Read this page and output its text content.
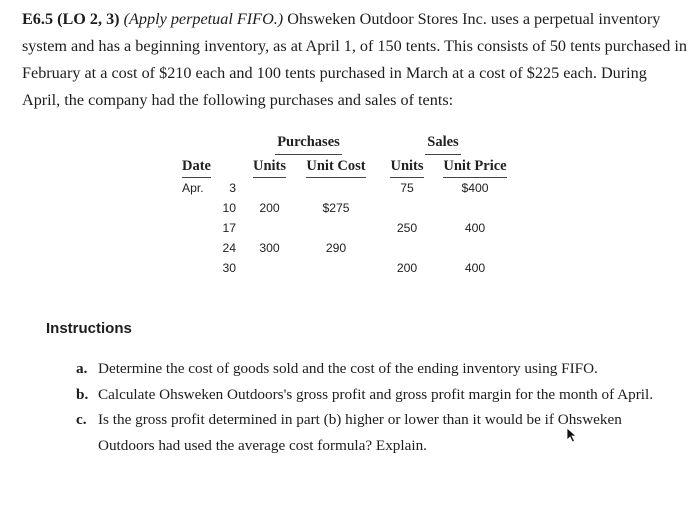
E6.5 (LO 2, 3) (Apply perpetual FIFO.) Ohsweken Outdoor Stores Inc. uses a perpetual inventory system and has a beginning inventory, as at April 1, of 150 tents. This consists of 50 tents purchased in February at a cost of $210 each and 100 tents purchased in March at a cost of $225 each. During April, the company had the following purchases and sales of tents:
	Purchases		Sales	
Date	Units	Unit Cost	Units	Unit Price

Apr. 3			75	$400
10	200	$275		
17			250	400
24	300	290		
30			200	400
Instructions
a. Determine the cost of goods sold and the cost of the ending inventory using FIFO.
b. Calculate Ohsweken Outdoors's gross profit and gross profit margin for the month of April.
c. Is the gross profit determined in part (b) higher or lower than it would be if Ohsweken Outdoors had used the average cost formula? Explain.
